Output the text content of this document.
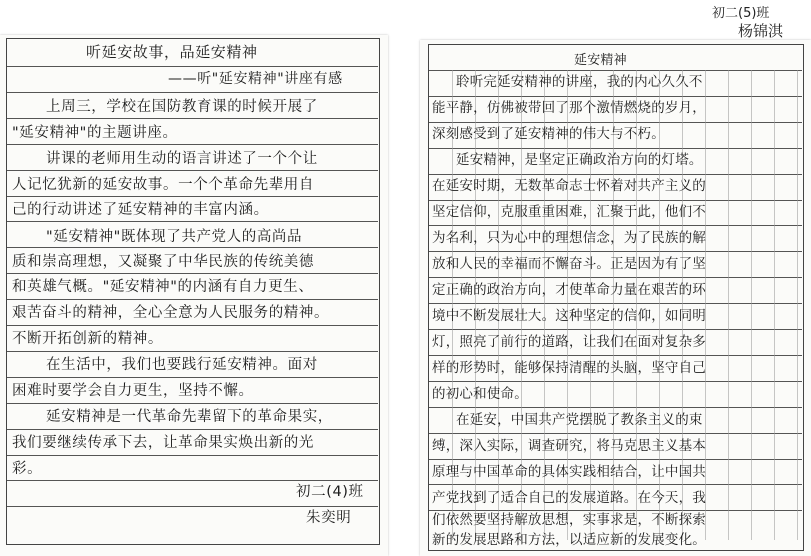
初二(5)班
杨锦淇
听延安故事，品延安精神
——听"延安精神"讲座有感
上周三，学校在国防教育课的时候开展了
"延安精神"的主题讲座。
讲课的老师用生动的语言讲述了一个个让
人记忆犹新的延安故事。一个个革命先辈用自
己的行动讲述了延安精神的丰富内涵。
"延安精神"既体现了共产党人的高尚品
质和崇高理想，又凝聚了中华民族的传统美德
和英雄气概。"延安精神"的内涵有自力更生、
艰苦奋斗的精神，全心全意为人民服务的精神。
不断开拓创新的精神。
在生活中，我们也要践行延安精神。面对
困难时要学会自力更生，坚持不懈。
延安精神是一代革命先辈留下的革命果实，
我们要继续传承下去，让革命果实焕出新的光
彩。
初二(4)班
朱奕明
延安精神
聆听完延安精神的讲座，我的内心久久不
能平静，仿佛被带回了那个激情燃烧的岁月，
深刻感受到了延安精神的伟大与不朽。
延安精神，是坚定正确政治方向的灯塔。
在延安时期，无数革命志士怀着对共产主义的
坚定信仰，克服重重困难，汇聚于此，他们不
为名利，只为心中的理想信念，为了民族的解
放和人民的幸福而不懈奋斗。正是因为有了坚
定正确的政治方向，才使革命力量在艰苦的环
境中不断发展壮大。这种坚定的信仰，如同明
灯，照亮了前行的道路，让我们在面对复杂多
样的形势时，能够保持清醒的头脑，坚守自己
的初心和使命。
在延安，中国共产党摆脱了教条主义的束
缚，深入实际，调查研究，将马克思主义基本
原理与中国革命的具体实践相结合，让中国共
产党找到了适合自己的发展道路。在今天，我
们依然要坚持解放思想，实事求是，不断探索
新的发展思路和方法，以适应新的发展变化。
